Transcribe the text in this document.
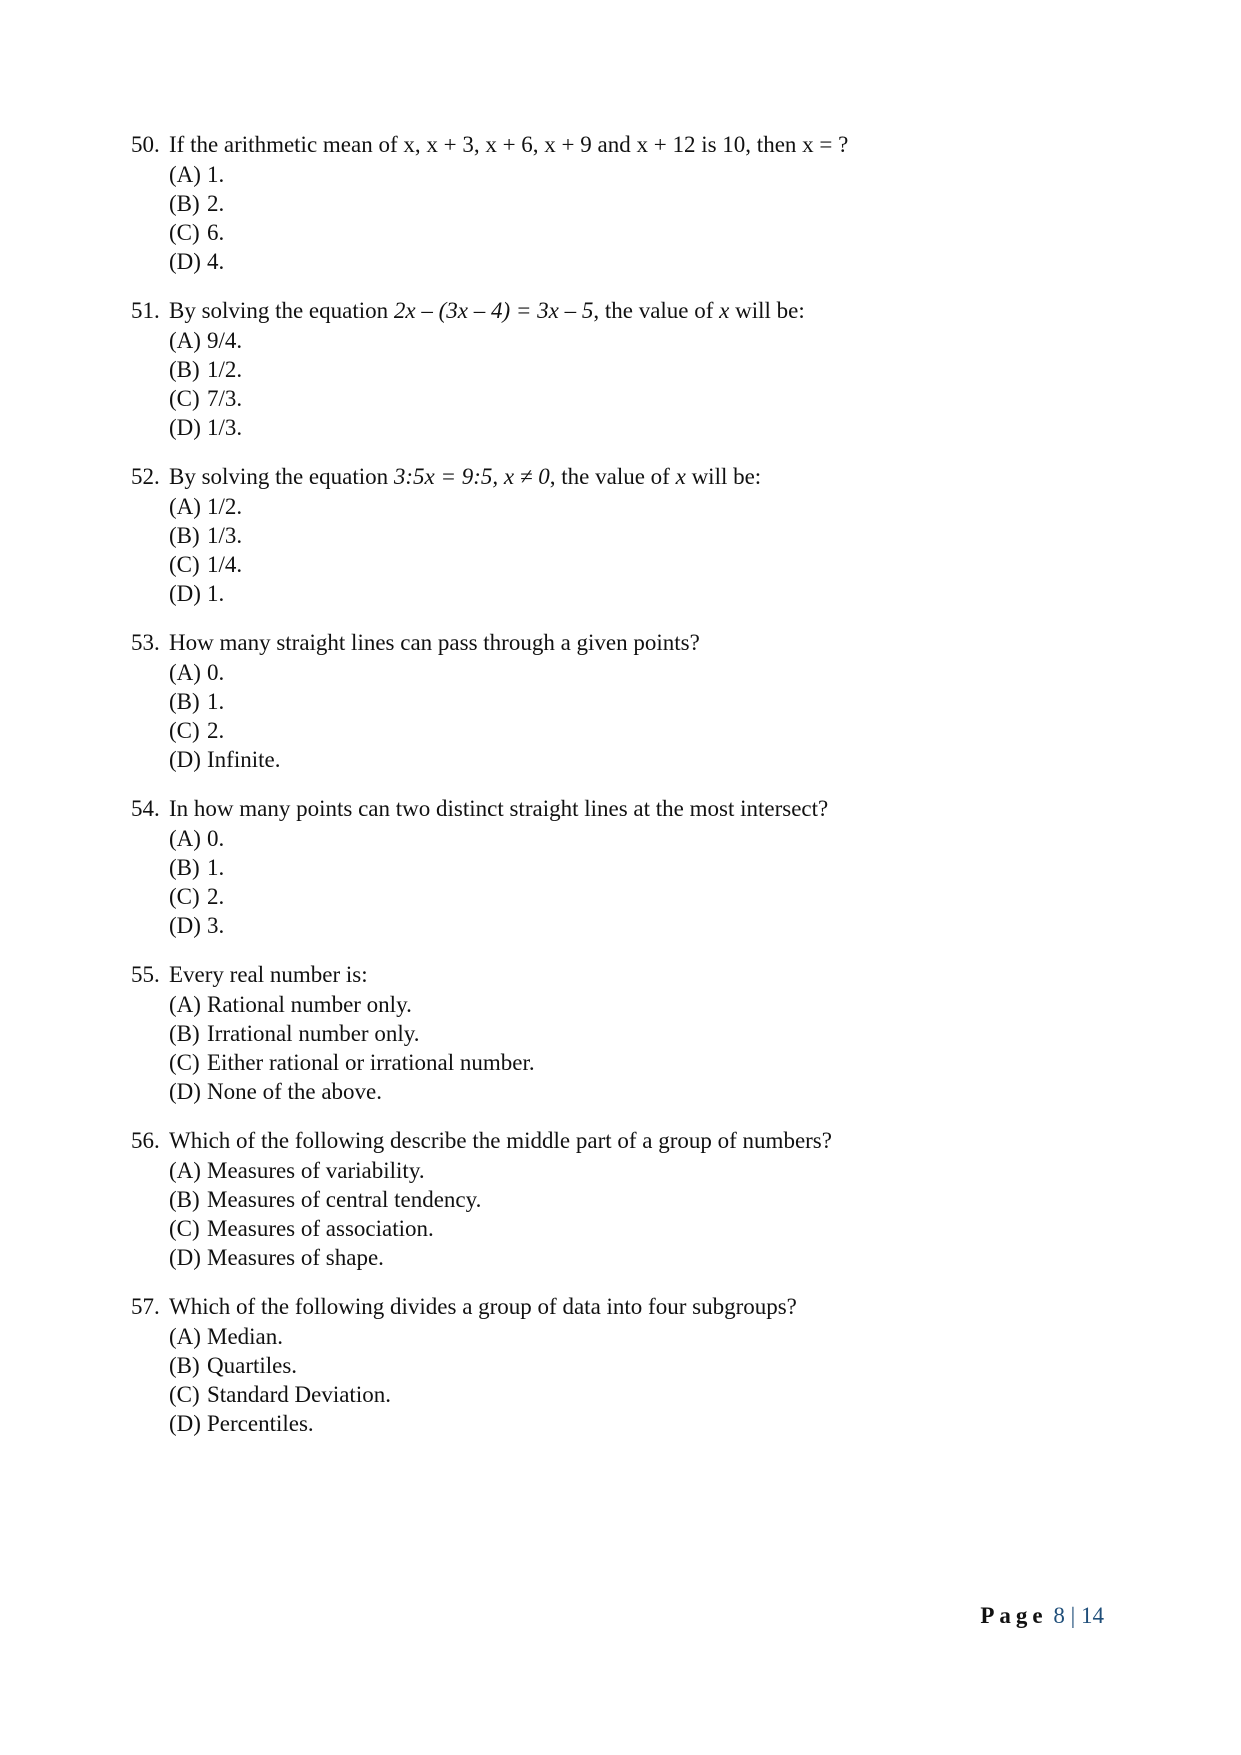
50. If the arithmetic mean of x, x + 3, x + 6, x + 9 and x + 12 is 10, then x = ?
(A) 1.
(B) 2.
(C) 6.
(D) 4.
51. By solving the equation 2x – (3x – 4) = 3x – 5, the value of x will be:
(A) 9/4.
(B) 1/2.
(C) 7/3.
(D) 1/3.
52. By solving the equation 3:5x = 9:5, x ≠ 0, the value of x will be:
(A) 1/2.
(B) 1/3.
(C) 1/4.
(D) 1.
53. How many straight lines can pass through a given points?
(A) 0.
(B) 1.
(C) 2.
(D) Infinite.
54. In how many points can two distinct straight lines at the most intersect?
(A) 0.
(B) 1.
(C) 2.
(D) 3.
55. Every real number is:
(A) Rational number only.
(B) Irrational number only.
(C) Either rational or irrational number.
(D) None of the above.
56. Which of the following describe the middle part of a group of numbers?
(A) Measures of variability.
(B) Measures of central tendency.
(C) Measures of association.
(D) Measures of shape.
57. Which of the following divides a group of data into four subgroups?
(A) Median.
(B) Quartiles.
(C) Standard Deviation.
(D) Percentiles.
Page 8 | 14
